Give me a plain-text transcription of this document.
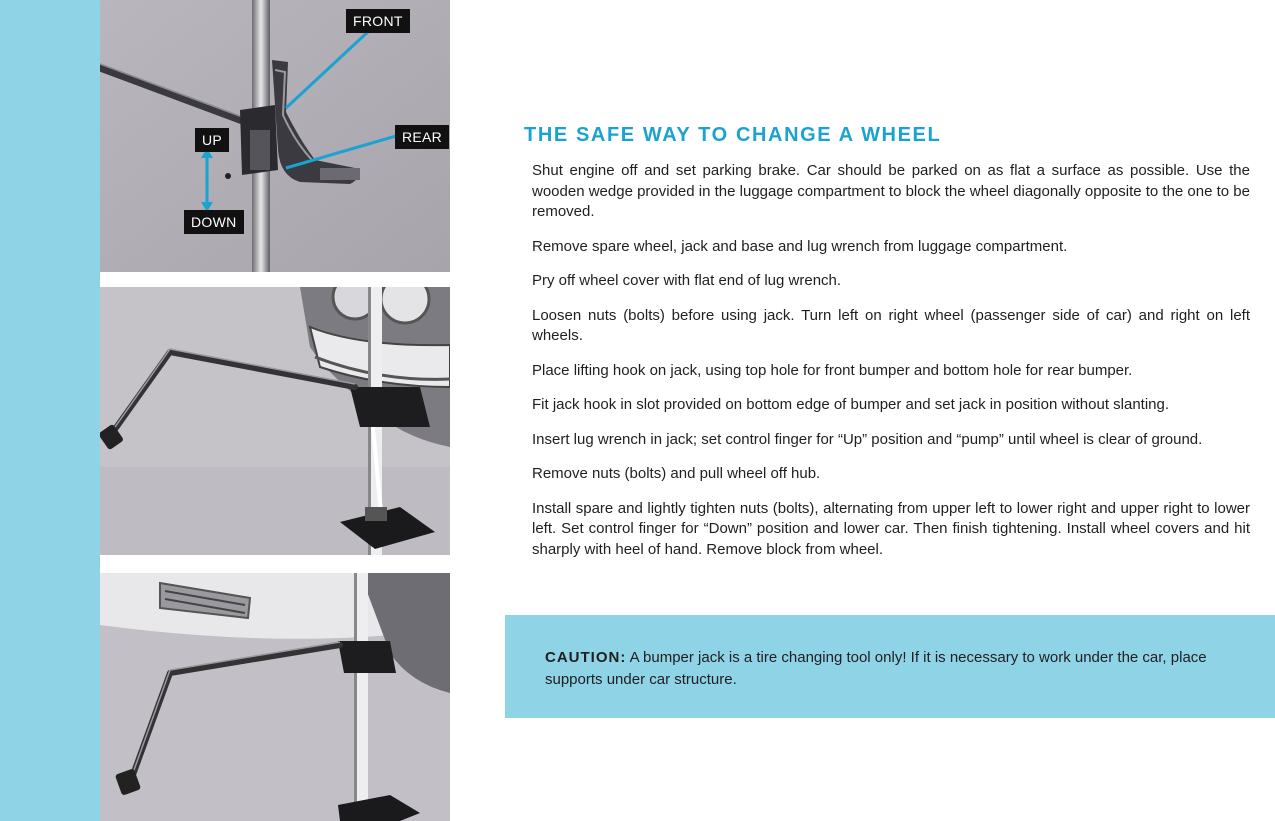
FRONT
REAR
UP
DOWN
THE SAFE WAY TO CHANGE A WHEEL

Shut engine off and set parking brake. Car should be parked on as flat a surface as possible. Use the wooden wedge provided in the luggage compartment to block the wheel diagonally opposite to the one to be removed.

Remove spare wheel, jack and base and lug wrench from luggage compartment.

Pry off wheel cover with flat end of lug wrench.

Loosen nuts (bolts) before using jack. Turn left on right wheel (passenger side of car) and right on left wheels.

Place lifting hook on jack, using top hole for front bumper and bottom hole for rear bumper.

Fit jack hook in slot provided on bottom edge of bumper and set jack in position without slanting.

Insert lug wrench in jack; set control finger for “Up” position and “pump” until wheel is clear of ground.

Remove nuts (bolts) and pull wheel off hub.

Install spare and lightly tighten nuts (bolts), alternating from upper left to lower right and upper right to lower left. Set control finger for “Down” position and lower car. Then finish tightening. Install wheel covers and hit sharply with heel of hand. Remove block from wheel.

CAUTION: A bumper jack is a tire changing tool only! If it is necessary to work under the car, place supports under car structure.
